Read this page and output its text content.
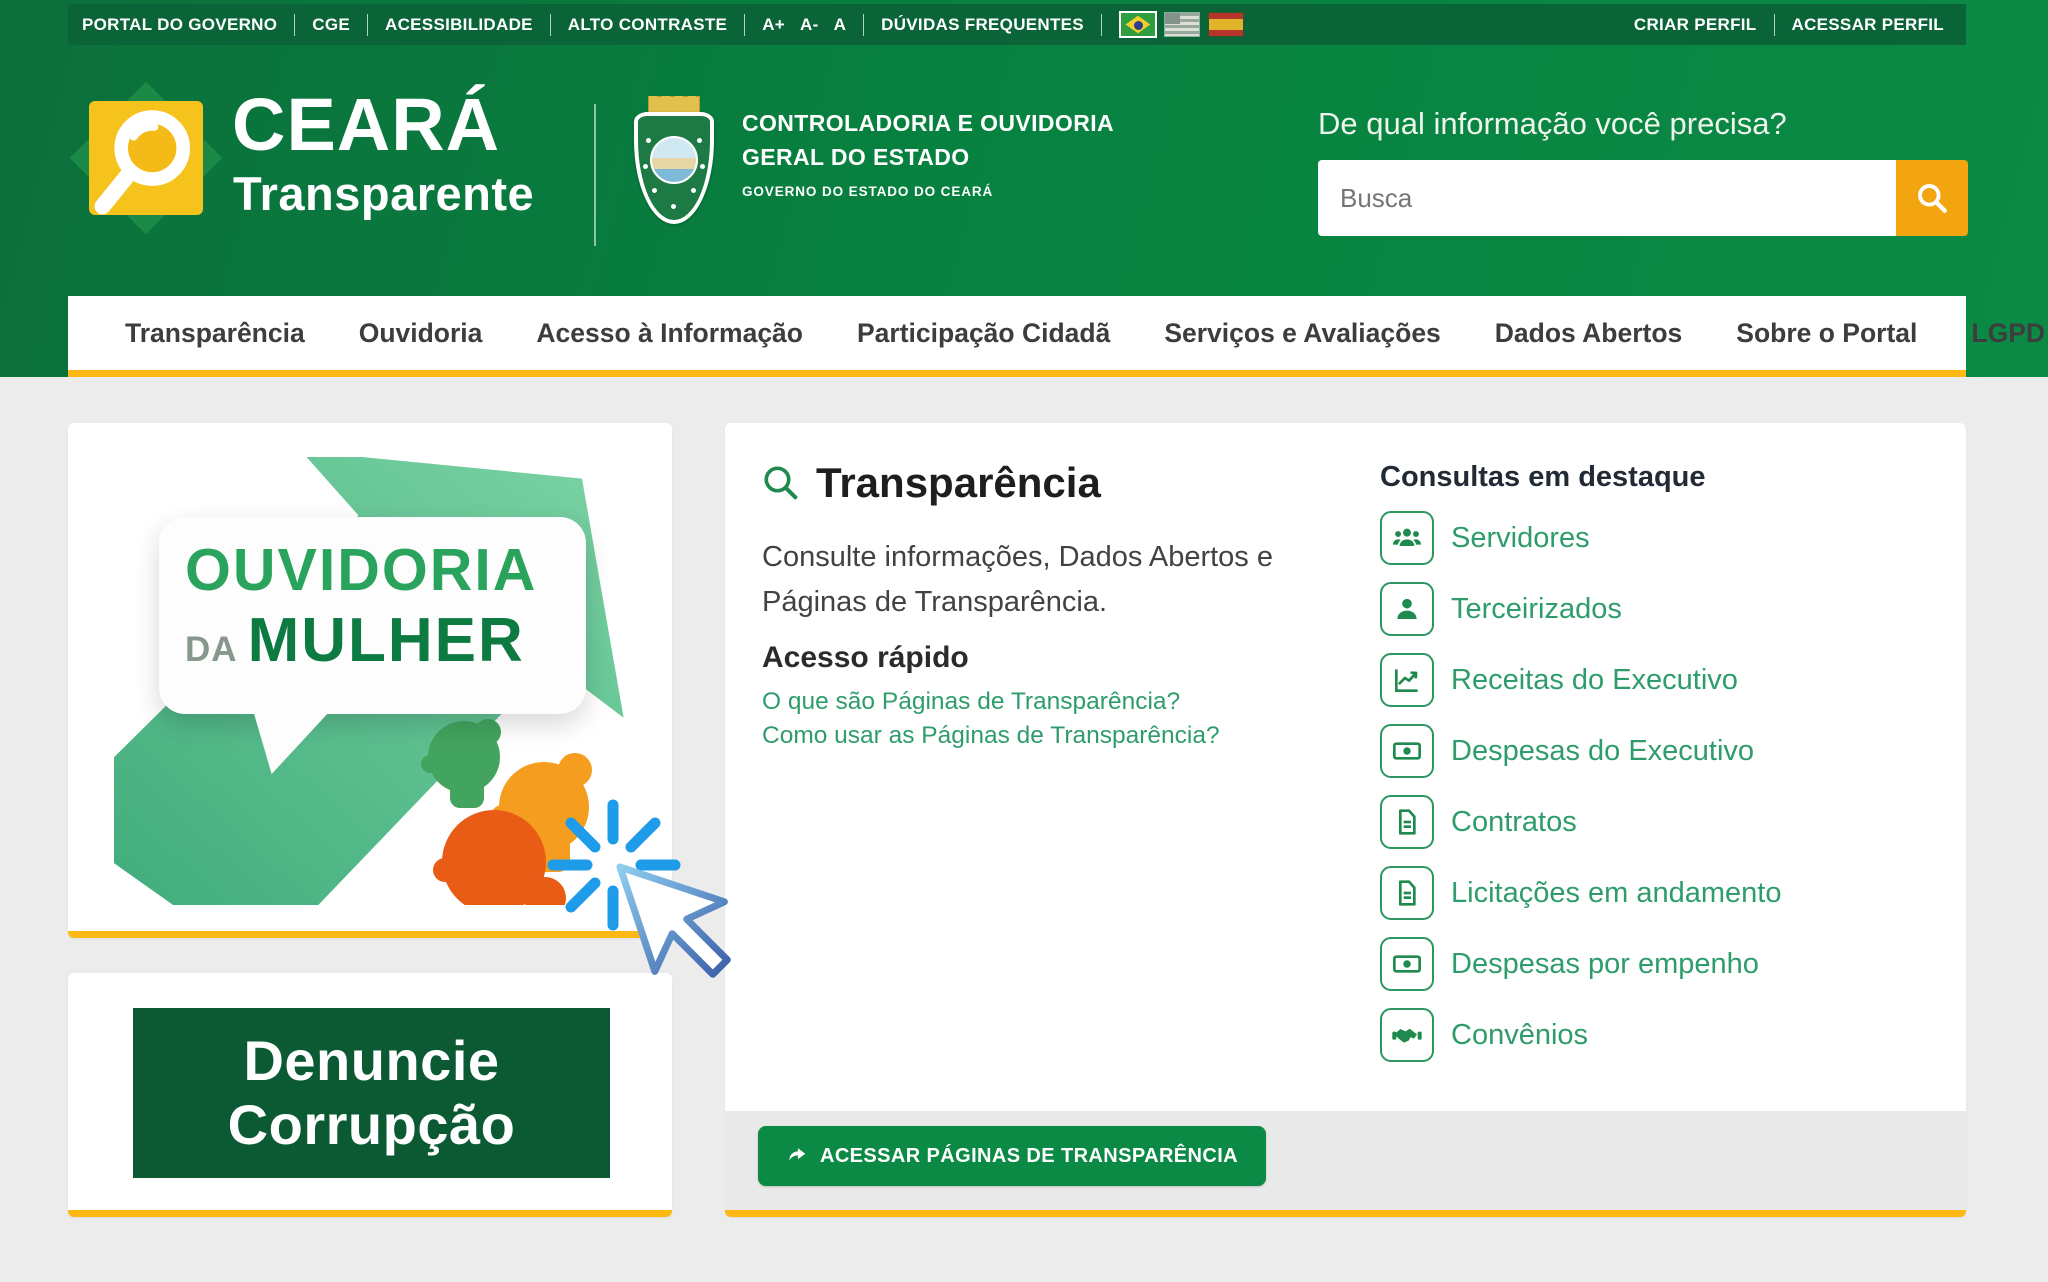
PORTAL DO GOVERNO CGE ACESSIBILIDADE ALTO CONTRASTE A+ A- A DÚVIDAS FREQUENTES	CRIAR PERFIL ACESSAR PERFIL
CEARÁ
Transparente
CONTROLADORIA E OUVIDORIA
GERAL DO ESTADO
GOVERNO DO ESTADO DO CEARÁ
De qual informação você precisa?
Busca
Transparência	Ouvidoria	Acesso à Informação	Participação Cidadã	Serviços e Avaliações	Dados Abertos	Sobre o Portal	LGPD
OUVIDORIA
DA MULHER
Denuncie
Corrupção
Transparência

Consulte informações, Dados Abertos e Páginas de Transparência.

Acesso rápido
O que são Páginas de Transparência?
Como usar as Páginas de Transparência?
Consultas em destaque
Servidores
Terceirizados
Receitas do Executivo
Despesas do Executivo
Contratos
Licitações em andamento
Despesas por empenho
Convênios
ACESSAR PÁGINAS DE TRANSPARÊNCIA
